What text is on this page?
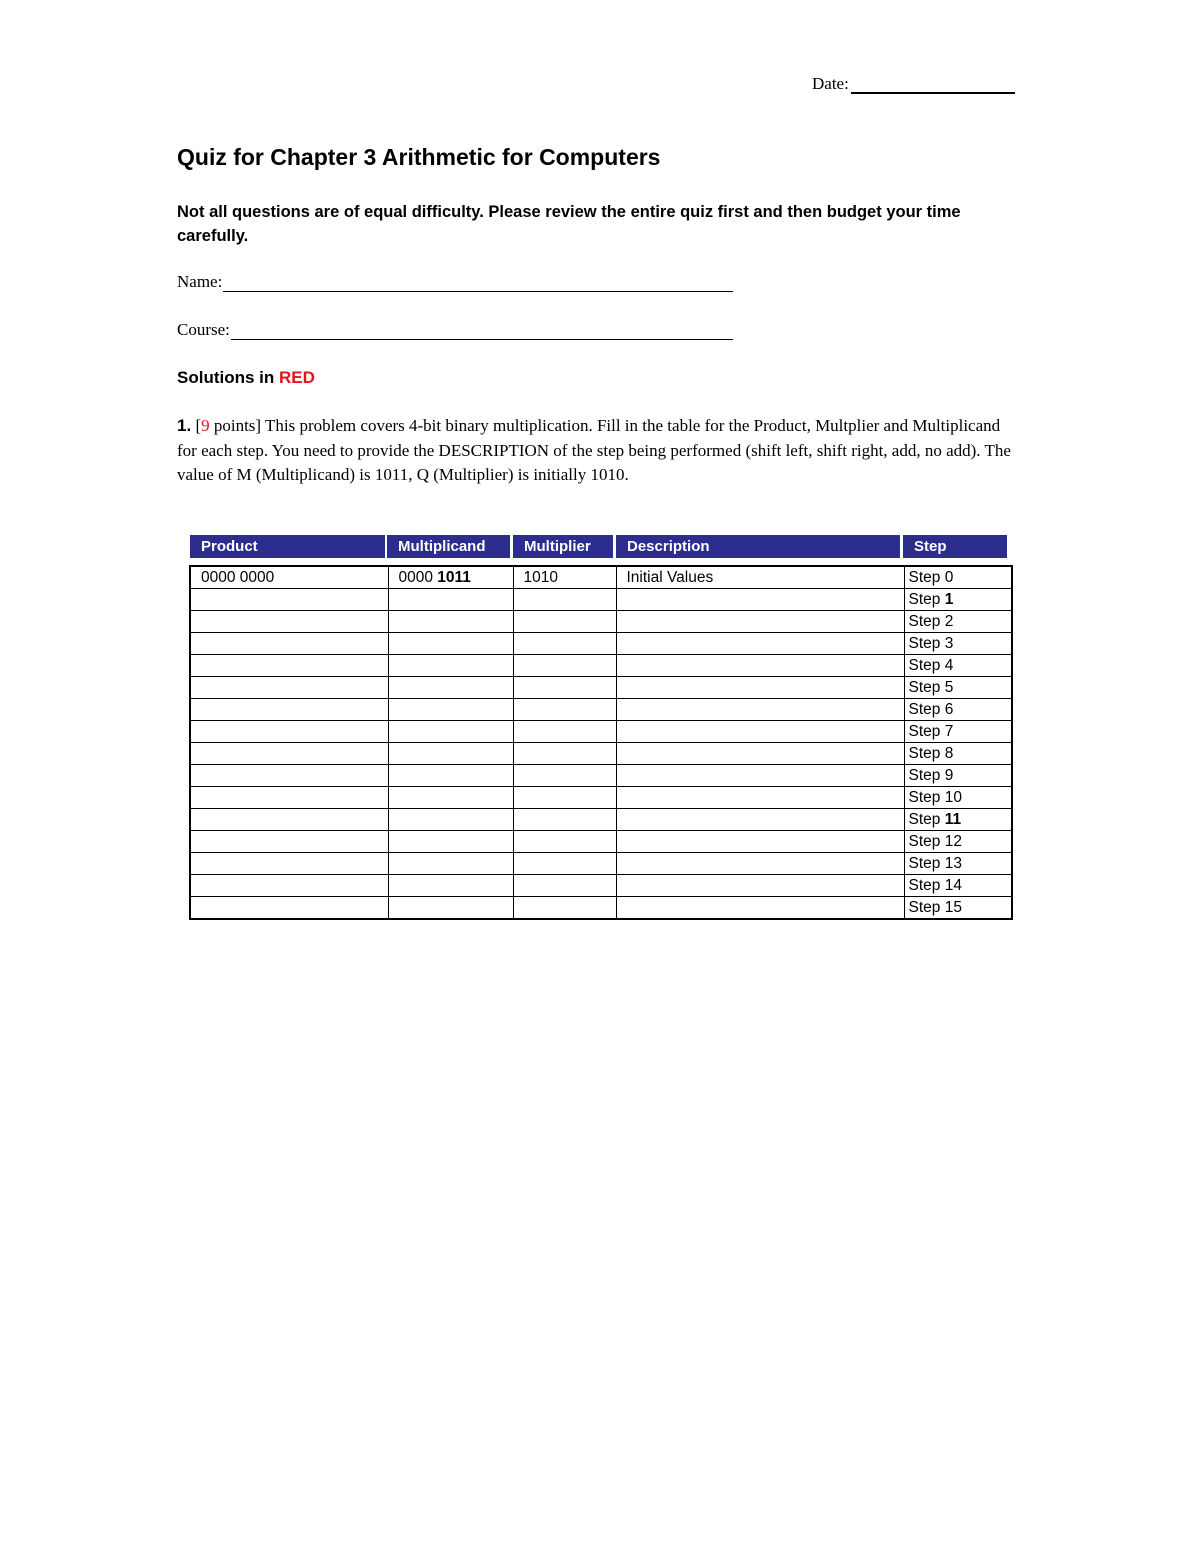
Date:
Quiz for Chapter 3 Arithmetic for Computers

Not all questions are of equal difficulty. Please review the entire quiz first and then budget your time carefully.

Name:
Course:

Solutions in RED

1. [9 points] This problem covers 4-bit binary multiplication. Fill in the table for the Product, Multplier and Multiplicand for each step. You need to provide the DESCRIPTION of the step being performed (shift left, shift right, add, no add). The value of M (Multiplicand) is 1011, Q (Multiplier) is initially 1010.

Product	Multiplicand	Multiplier	Description	Step
0000 0000	0000 1011	1010	Initial Values	Step 0
				Step 1
				Step 2
				Step 3
				Step 4
				Step 5
				Step 6
				Step 7
				Step 8
				Step 9
				Step 10
				Step 11
				Step 12
				Step 13
				Step 14
				Step 15
